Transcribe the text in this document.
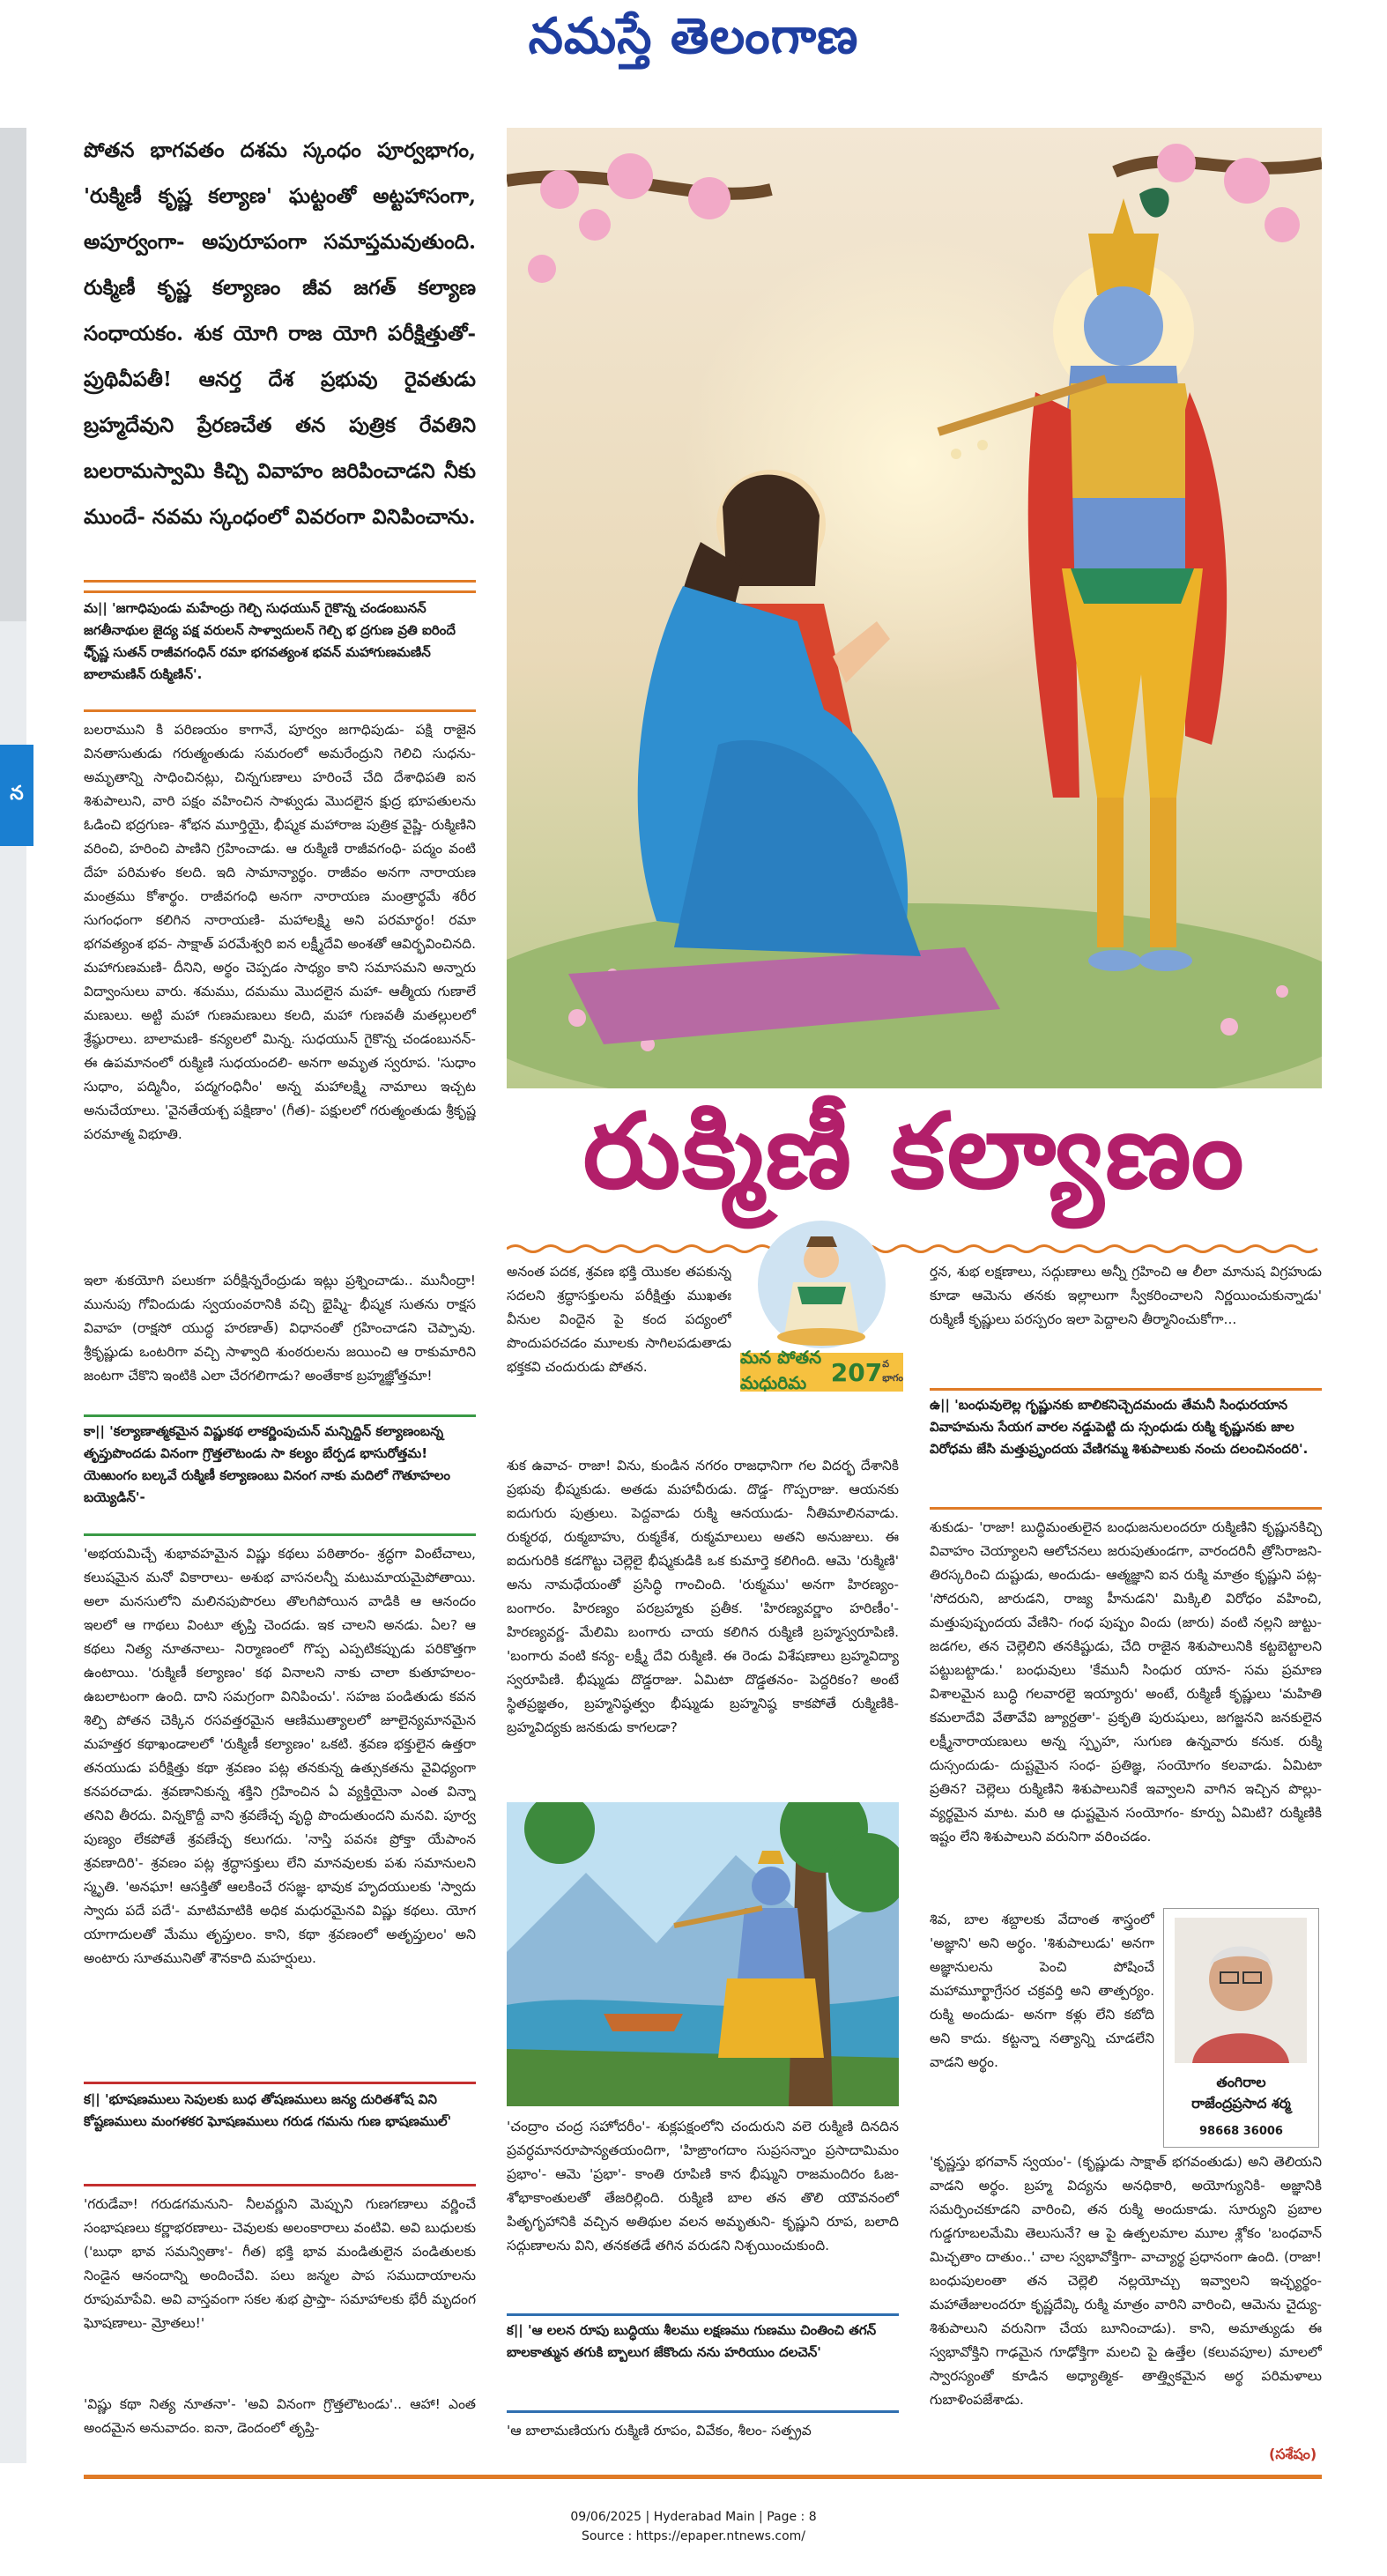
నమస్తే తెలంగాణ
న
పోతన భాగవతం దశమ స్కంధం పూర్వభాగం, 'రుక్మిణీ కృష్ణ కల్యాణ' ఘట్టంతో అట్టహాసంగా, అపూర్వంగా- అపురూపంగా సమాప్తమవుతుంది. రుక్మిణీ కృష్ణ కల్యాణం జీవ జగత్ కల్యాణ సంధాయకం. శుక యోగి రాజ యోగి పరీక్షిత్తుతో- ప్రుథివీపతీ! ఆనర్త దేశ ప్రభువు రైవతుడు బ్రహ్మదేవుని ప్రేరణచేత తన పుత్రిక రేవతిని బలరామస్వామి కిచ్చి వివాహం జరిపించాడని నీకు ముందే- నవమ స్కంధంలో వివరంగా వినిపించాను.
రుక్మిణీ కల్యాణం
మన పోతన మధురిమ 207 వ భాగం
మ|| 'జగాధిపుండు మహేంద్రు గెల్చి సుధయున్ గైకొన్న చండంబునన్ జగతీనాథుల జైద్య పక్ష వరులన్ సాళ్వాదులన్ గెల్చి భ ద్రగుణ వ్రతి ఐరిందే ఛీ్ృష్ణ సుతన్ రాజీవగంధిన్ రమా భగవత్యంశ భవన్ మహాగుణమణిన్ బాలామణిన్ రుక్మిణిన్'.
బలరాముని కి పరిణయం కాగానే, పూర్వం జగాధిపుడు- పక్షి రాజైన వినతాసుతుడు గరుత్మంతుడు సమరంలో అమరేంద్రుని గెలిచి సుధను- అమృతాన్ని సాధించినట్లు, చిన్నగుణాలు హరించే చేది దేశాధిపతి ఐన శిశుపాలుని, వారి పక్షం వహించిన సాళ్వుడు మొదలైన క్షుద్ర భూపతులను ఓడించి భద్రగుణ- శోభన మూర్తియై, భీష్మక మహారాజ పుత్రిక వైష్ణి- రుక్మిణిని వరించి, హరించి పాణిని గ్రహించాడు. ఆ రుక్మిణి రాజీవగంధి- పద్మం వంటి దేహ పరిమళం కలది. ఇది సామాన్యార్థం. రాజీవం అనగా నారాయణ మంత్రము కోశార్థం. రాజీవగంధి అనగా నారాయణ మంత్రార్థమే శరీర సుగంధంగా కలిగిన నారాయణి- మహాలక్ష్మి అని పరమార్థం! రమా భగవత్యంశ భవ- సాక్షాత్ పరమేశ్వరి ఐన లక్ష్మీదేవి అంశతో ఆవిర్భవించినది. మహాగుణమణి- దీనిని, అర్థం చెప్పడం సాధ్యం కాని సమాసమని అన్నారు విద్వాంసులు వారు. శమము, దమము మొదలైన మహా- ఆత్మీయ గుణాలే మణులు. అట్టి మహా గుణమణులు కలది, మహా గుణవతీ మతల్లులలో శ్రేష్ఠురాలు. బాలామణి- కన్యలలో మిన్న. సుధయున్ గైకొన్న చండంబునన్- ఈ ఉపమానంలో రుక్మిణి సుధయందలి- అనగా అమృత స్వరూప. 'సుధాం సుధాం, పద్మినీం, పద్మగంధినీం' అన్న మహాలక్ష్మి నామాలు ఇచ్చట అనుచేయాలు. 'వైనతేయశ్చ పక్షిణాం' (గీత)- పక్షులలో గరుత్మంతుడు శ్రీకృష్ణ పరమాత్మ విభూతి.
ఇలా శుకయోగి పలుకగా పరీక్షిన్నరేంద్రుడు ఇట్లు ప్రశ్నించాడు.. మునీంద్రా! మునుపు గోవిందుడు స్వయంవరానికి వచ్చి భైష్మి- భీష్మక సుతను రాక్షస వివాహ (రాక్షసో యుద్ధ హరణాత్) విధానంతో గ్రహించాడని చెప్పావు. శ్రీకృష్ణుడు ఒంటరిగా వచ్చి సాళ్వాది శుంఠరులను జయించి ఆ రాకుమారిని జంటగా చేకొని ఇంటికి ఎలా చేరగలిగాడు? అంతేకాక బ్రహ్మజ్ఞోత్తమా!
కా|| 'కల్యాణాత్మకమైన విష్ణుకథ లాకర్ణింపుచున్ మన్నిద్దిన్ కల్యాణంబన్న తృప్తుపొందడు వినంగా గ్రొత్తలౌటండు సా కల్యం బేర్పడ భాసురోత్తమ! యెఱుంగం బల్కవే రుక్మిణీ కల్యాణంబు వినంగ నాకు మదిలో గౌతూహలం బయ్యెడిన్'-
'అభయమిచ్చే శుభావహమైన విష్ణు కథలు పఠితారం- శ్రద్ధగా వింటేచాలు, కలుషమైన మనో వికారాలు- అశుభ వాసనలన్నీ మటుమాయమైపోతాయి. అలా మనసులోని మలినపుపొరలు తొలగిపోయిన వాడికి ఆ ఆనందం ఇలలో ఆ గాథలు వింటూ తృప్తి చెందడు. ఇక చాలని అనడు. ఏల? ఆ కథలు నిత్య నూతనాలు- నిర్మాణంలో గొప్ప ఎప్పటికప్పుడు పరికొత్తగా ఉంటాయి. 'రుక్మిణీ కల్యాణం' కథ వినాలని నాకు చాలా కుతూహలం- ఉబలాటంగా ఉంది. దాని సమగ్రంగా వినిపించు'. సహజ పండితుడు కవన శిల్పి పోతన చెక్కిన రసవత్తరమైన ఆణిముత్యాలలో జూలైన్యమానమైన మహత్తర కథాఖండాలలో 'రుక్మిణీ కల్యాణం' ఒకటి. శ్రవణ భక్తులైన ఉత్తరా తనయుడు పరీక్షిత్తు కథా శ్రవణం పట్ల తనకున్న ఉత్సుకతను వైవిధ్యంగా కనపరచాడు. శ్రవణానికున్న శక్తిని గ్రహించిన ఏ వ్యక్తియైనా ఎంత విన్నా తనివి తీరదు. విన్నకొద్దీ వాని శ్రవణేచ్ఛ వృద్ధి పొందుతుందని మనవి. పూర్వ పుణ్యం లేకపోతే శ్రవణేచ్ఛ కలుగదు. 'నాస్తి పవనః ప్రోక్తా యేపాంన శ్రవణాదిరి'- శ్రవణం పట్ల శ్రద్ధాసక్తులు లేని మానవులకు పశు సమానులని స్మృతి. 'అనఘా! ఆసక్తితో ఆలకించే రసజ్ఞ- భావుక హృదయులకు 'స్వాదు స్వాదు పదే పదే'- మాటిమాటికి అధిక మధురమైనవి విష్ణు కథలు. యోగ యాగాదులతో మేము తృప్తులం. కాని, కథా శ్రవణంలో అతృప్తులం' అని అంటారు సూతమునితో శౌనకాది మహర్షులు.
క|| 'భూషణములు సెపులకు బుధ తోషణములు జన్య దురితశోష విని కోష్టణములు మంగళకర ఘోషణములు గరుడ గమను గుణ భాషణముల్'
'గరుడేవా! గరుడగమనుని- నీలవర్ణుని మెప్పుని గుణగణాలు వర్ణించే సంభాషణలు కర్ణాభరణాలు- చెవులకు అలంకారాలు వంటివి. అవి బుధులకు ('బుధా భావ సమన్వితాః'- గీత) భక్తి భావ మండితులైన పండితులకు నిండైన ఆనందాన్ని అందించేవి. పలు జన్మల పాప సముదాయాలను రూపుమాపేవి. అవి వాస్తవంగా సకల శుభ ప్రాప్తా- సమాహాలకు భేరీ మృదంగ ఘోషణాలు- మ్రోతలు!'
'విష్ణు కథా నిత్య నూతనా'- 'అవి వినంగా గ్రొత్తలౌటండు'.. ఆహా! ఎంత అందమైన అనువాదం. ఐనా, డెందంలో తృప్తి-
అనంత పదక, శ్రవణ భక్తి యొకల తపకున్న సదలని శ్రద్ధాసక్తులను పరీక్షిత్తు ముఖతః వీనుల విందైన పై కంద పద్యంలో పొందుపరచడం మూలకు సాగిలపడుతాడు భక్తకవి చందురుడు పోతన.
శుక ఉవాచ- రాజా! విను, కుండిన నగరం రాజధానిగా గల విదర్భ దేశానికి ప్రభువు భీష్మకుడు. అతడు మహావీరుడు. దొడ్డ- గొప్పరాజు. ఆయనకు ఐదుగురు పుత్రులు. పెద్దవాడు రుక్మి ఆనయుడు- నీతిమాలినవాడు. రుక్మరథ, రుక్మబాహు, రుక్మకేశ, రుక్మమాలులు అతని అనుజులు. ఈ ఐదుగురికి కడగొట్టు చెల్లెలై భీష్మకుడికి ఒక కుమార్తె కలిగింది. ఆమె 'రుక్మిణి' అను నామధేయంతో ప్రసిద్ధి గాంచింది. 'రుక్మము' అనగా హిరణ్యం- బంగారం. హిరణ్యం పరబ్రహ్మకు ప్రతీక. 'హిరణ్యవర్ణాం హరిణీం'- హిరణ్యవర్ణ- మేలిమి బంగారు చాయ కలిగిన రుక్మిణి బ్రహ్మస్వరూపిణి. 'బంగారు వంటి కన్య- లక్ష్మీ దేవి రుక్మిణి. ఈ రెండు విశేషణాలు బ్రహ్మవిద్యా స్వరూపిణి. భీష్ముడు దొడ్డరాజు. ఏమిటా దొడ్డతనం- పెద్దరికం? అంటే స్థితప్రజ్ఞతం, బ్రహ్మనిష్ఠత్వం భీష్ముడు బ్రహ్మనిష్ఠ కాకపోతే రుక్మిణికి- బ్రహ్మవిద్యకు జనకుడు కాగలడా?
'చంద్రాం చంద్ర సహోదరీం'- శుక్లపక్షంలోని చందురుని వలె రుక్మిణి దినదిన ప్రవర్ధమానరూపాన్యతయందిగా, 'హిఙ్రాంగదాం సుప్రసన్నాం ప్రసాదామిమం ప్రభాం'- ఆమె 'ప్రభా'- కాంతి రూపిణి కాన భీష్ముని రాజమందిరం ఓజ- శోభాకాంతులతో తేజరిల్లింది. రుక్మిణి బాల తన తొలి యౌవనంలో పితృగృహానికి వచ్చిన అతిథుల వలన అమృతుని- కృష్ణుని రూప, బలాది సద్గుణాలను విని, తనకతడే తగిన వరుడని నిశ్చయించుకుంది.
క|| 'ఆ లలన రూపు బుద్ధియు శీలము లక్షణము గుణము చింతించి తగన్ బాలకాత్మున తగుకి బ్బాలుగ జేకొందు నను హరియుం దలచెన్'
'ఆ బాలామణియగు రుక్మిణి రూపం, వివేకం, శీలం- సత్ప్రవ
ర్తన, శుభ లక్షణాలు, సద్గుణాలు అన్నీ గ్రహించి ఆ లీలా మానుష విగ్రహుడు కూడా ఆమెను తనకు ఇల్లాలుగా స్వీకరించాలని నిర్ణయించుకున్నాడు' రుక్మిణీ కృష్ణులు పరస్పరం ఇలా పెద్దాలని తీర్మానించుకోగా...
ఉ|| 'బంధువులెల్ల గృష్ణునకు బాలికనిచ్చెదమందు తేమనీ సింధురయాన వివాహమను సేయగ వారల నడ్డుపెట్టి దు స్సంధుడు రుక్మి కృష్ణునకు జాల విరోధమ జేసి మత్తుప్రృందయ వేణిగమ్మ శిశుపాలుకు నంచు దలంచినందరి'.
శుకుడు- 'రాజా! బుద్ధిమంతులైన బంధుజనులందరూ రుక్మిణిని కృష్ణునకిచ్చి వివాహం చెయ్యాలని ఆలోచనలు జరుపుతుండగా, వారందరినీ త్రోసిరాజని- తిరస్కరించి దుష్టుడు, అందుడు- ఆత్మజ్ఞాని ఐన రుక్మి మాత్రం కృష్ణుని పట్ల- 'సోదరుని, జారుడని, రాజ్య హీనుడని' మిక్కిలి విరోధం వహించి, మత్తుపుష్పందయ వేణిని- గంధ పుష్పం విందు (జారు) వంటి నల్లని జుట్టు- జడగల, తన చెల్లెలిని తనకిష్టుడు, చేది రాజైన శిశుపాలునికి కట్టబెట్టాలని పట్టుబట్టాడు.' బంధువులు 'కేమునీ సింధుర యాన- సమ ప్రమాణ విశాలమైన బుద్ధి గలవారలై ఇయ్యారు' అంటే, రుక్మిణీ కృష్ణులు 'మహితి కమలాదేవి వేతావేవి జ్యూర్దతా'- ప్రకృతి పురుషులు, జగజ్జనని జనకులైన లక్ష్మీనారాయణులు అన్న స్పృహ, సుగుణ ఉన్నవారు కనుక. రుక్మి దుస్సందుడు- దుష్టమైన సంధ- ప్రతిజ్ఞ, సంయోగం కలవాడు. ఏమిటా ప్రతిన? చెల్లెలు రుక్మిణిని శిశుపాలునికే ఇవ్వాలని వాగిన ఇచ్చిన పొల్లు- వ్యర్థమైన మాట. మరి ఆ ధుష్టమైన సంయోగం- కూర్పు ఏమిటి? రుక్మిణికి ఇష్టం లేని శిశుపాలుని వరునిగా వరించడం.
శివ, బాల శబ్దాలకు వేదాంత శాస్త్రంలో 'అజ్ఞాని' అని అర్థం. 'శిశుపాలుడు' అనగా అజ్ఞానులను పెంచి పోషించే మహామూర్ఖాగ్రేసర చక్రవర్తి అని తాత్పర్యం. రుక్మి అందుడు- అనగా కళ్లు లేని కబోది అని కాదు. కట్టన్నా నత్యాన్ని చూడలేని వాడని అర్థం.
తంగిరాల
రాజేంద్రప్రసాద శర్మ
98668 36006
'కృష్ణస్తు భగవాన్ స్వయం'- (కృష్ణుడు సాక్షాత్ భగవంతుడు) అని తెలియని వాడని అర్థం. బ్రహ్మ విద్యను అనధికారి, అయోగ్యునికి- అజ్ఞానికి సమర్పించకూడని వారించి, తన రుక్మి అందుకాడు. సూర్యుని ప్రబాల గుడ్డగూబలమేమి తెలుసునే? ఆ పై ఉత్పలమాల మూల శ్లోకం 'బంధవాన్ మిచ్ఛతాం దాతుం..' చాల స్వభావోక్తిగా- వాచ్యార్థ ప్రధానంగా ఉంది. (రాజా! బంధుపులంతా తన చెల్లెలి నల్లయోచ్చు ఇవ్వాలని ఇచ్ఛ్యర్థం- మహాతేజులందరూ కృష్ణదేవ్కి రుక్మి మాత్రం వారిని వారించి, ఆమెను చైద్యు- శిశుపాలుని వరునిగా చేయ బూనించాడు). కాని, అమాత్యుడు ఈ స్వభావోక్తిని గాఢమైన గూఢోక్తిగా మలచి పై ఉత్తేల (కలువపూల) మాలలో స్వారస్యంతో కూడిన అధ్యాత్మిక- తాత్త్వికమైన అర్థ పరిమళాలు గుబాళింపజేశాడు.
(సశేషం)
09/06/2025 | Hyderabad Main | Page : 8
Source : https://epaper.ntnews.com/
